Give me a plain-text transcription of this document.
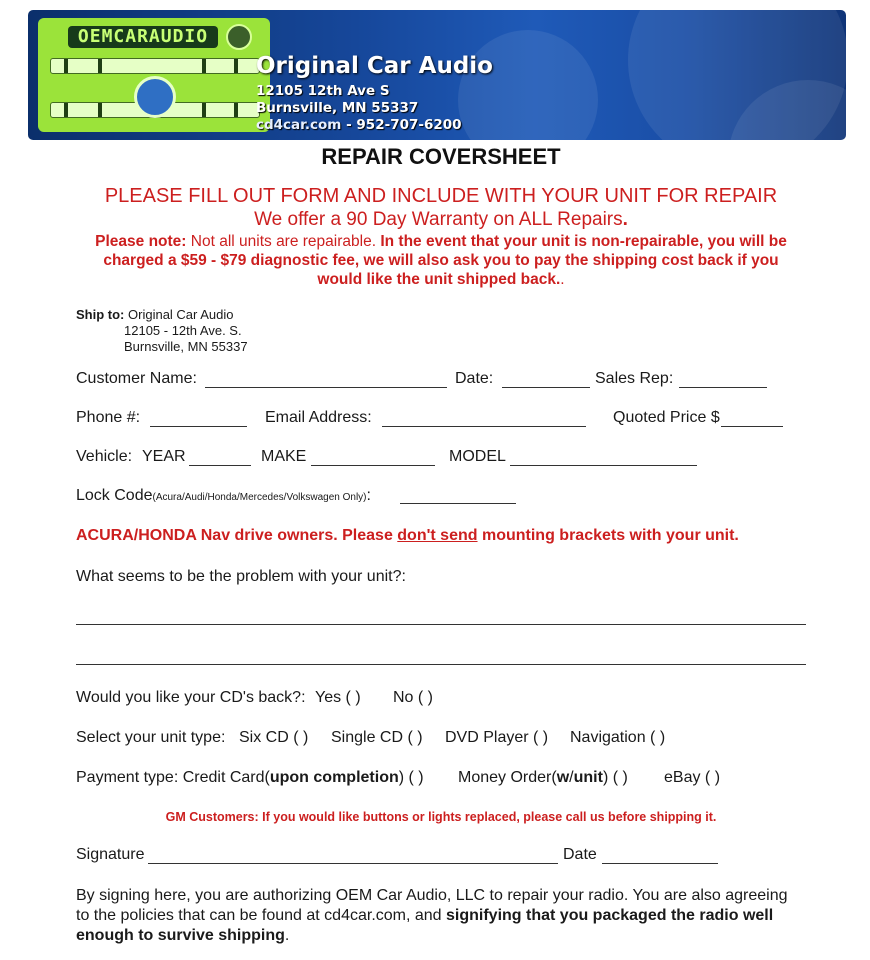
OEMCARAUDIO
Original Car Audio
12105 12th Ave S
Burnsville, MN 55337
cd4car.com - 952-707-6200
REPAIR COVERSHEET
PLEASE FILL OUT FORM AND INCLUDE WITH YOUR UNIT FOR REPAIR
We offer a 90 Day Warranty on ALL Repairs.
Please note: Not all units are repairable. In the event that your unit is non-repairable, you will be
charged a $59 - $79 diagnostic fee, we will also ask you to pay the shipping cost back if you
would like the unit shipped back..
Ship to: Original Car Audio
12105 - 12th Ave. S.
Burnsville, MN 55337
Customer Name:	Date:	Sales Rep:
Phone #:	Email Address:	Quoted Price $
Vehicle: YEAR	MAKE	MODEL
Lock Code(Acura/Audi/Honda/Mercedes/Volkswagen Only):
ACURA/HONDA Nav drive owners. Please don't send mounting brackets with your unit.
What seems to be the problem with your unit?:
Would you like your CD's back?: Yes ( ) No ( )
Select your unit type: Six CD ( ) Single CD ( ) DVD Player ( ) Navigation ( )
Payment type: Credit Card(upon completion) ( ) Money Order(w/unit) ( ) eBay ( )
GM Customers: If you would like buttons or lights replaced, please call us before shipping it.
Signature	Date
By signing here, you are authorizing OEM Car Audio, LLC to repair your radio. You are also agreeing
to the policies that can be found at cd4car.com, and signifying that you packaged the radio well
enough to survive shipping.
